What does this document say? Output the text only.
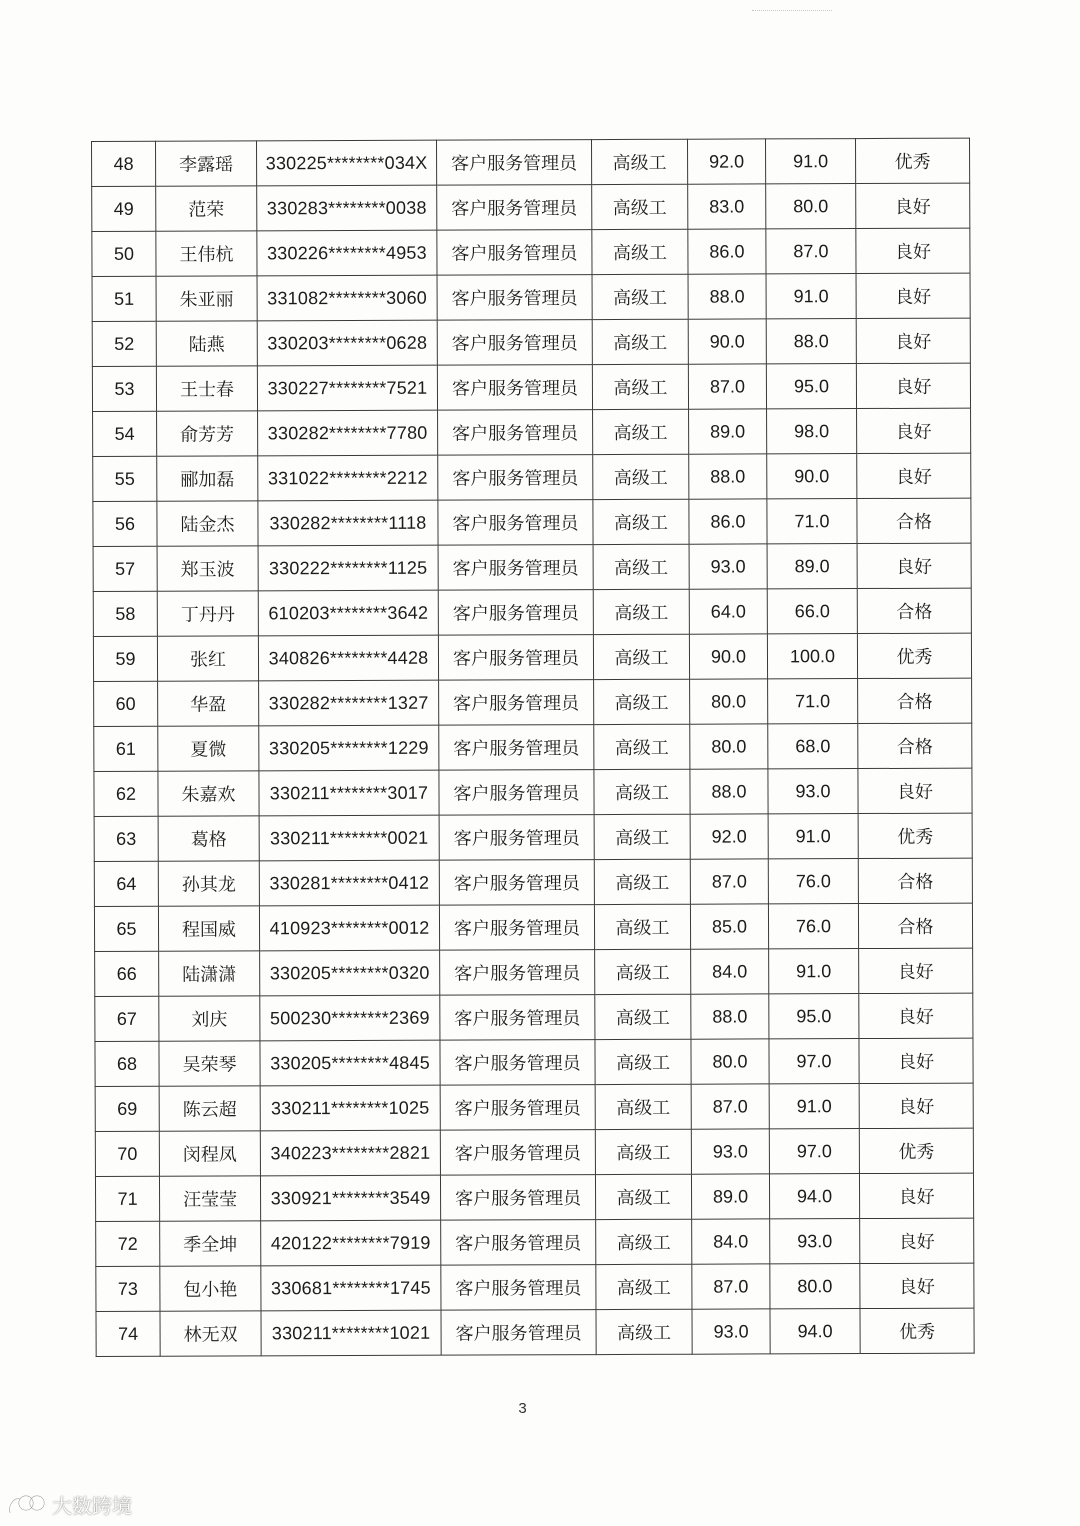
48	李露瑶	330225********034X	客户服务管理员	高级工	92.0	91.0	优秀
49	范荣	330283********0038	客户服务管理员	高级工	83.0	80.0	良好
50	王伟杭	330226********4953	客户服务管理员	高级工	86.0	87.0	良好
51	朱亚丽	331082********3060	客户服务管理员	高级工	88.0	91.0	良好
52	陆燕	330203********0628	客户服务管理员	高级工	90.0	88.0	良好
53	王士春	330227********7521	客户服务管理员	高级工	87.0	95.0	良好
54	俞芳芳	330282********7780	客户服务管理员	高级工	89.0	98.0	良好
55	郦加磊	331022********2212	客户服务管理员	高级工	88.0	90.0	良好
56	陆金杰	330282********1118	客户服务管理员	高级工	86.0	71.0	合格
57	郑玉波	330222********1125	客户服务管理员	高级工	93.0	89.0	良好
58	丁丹丹	610203********3642	客户服务管理员	高级工	64.0	66.0	合格
59	张红	340826********4428	客户服务管理员	高级工	90.0	100.0	优秀
60	华盈	330282********1327	客户服务管理员	高级工	80.0	71.0	合格
61	夏微	330205********1229	客户服务管理员	高级工	80.0	68.0	合格
62	朱嘉欢	330211********3017	客户服务管理员	高级工	88.0	93.0	良好
63	葛格	330211********0021	客户服务管理员	高级工	92.0	91.0	优秀
64	孙其龙	330281********0412	客户服务管理员	高级工	87.0	76.0	合格
65	程国威	410923********0012	客户服务管理员	高级工	85.0	76.0	合格
66	陆潇潇	330205********0320	客户服务管理员	高级工	84.0	91.0	良好
67	刘庆	500230********2369	客户服务管理员	高级工	88.0	95.0	良好
68	吴荣琴	330205********4845	客户服务管理员	高级工	80.0	97.0	良好
69	陈云超	330211********1025	客户服务管理员	高级工	87.0	91.0	良好
70	闵程凤	340223********2821	客户服务管理员	高级工	93.0	97.0	优秀
71	汪莹莹	330921********3549	客户服务管理员	高级工	89.0	94.0	良好
72	季全坤	420122********7919	客户服务管理员	高级工	84.0	93.0	良好
73	包小艳	330681********1745	客户服务管理员	高级工	87.0	80.0	良好
74	林无双	330211********1021	客户服务管理员	高级工	93.0	94.0	优秀
3
大数跨境
